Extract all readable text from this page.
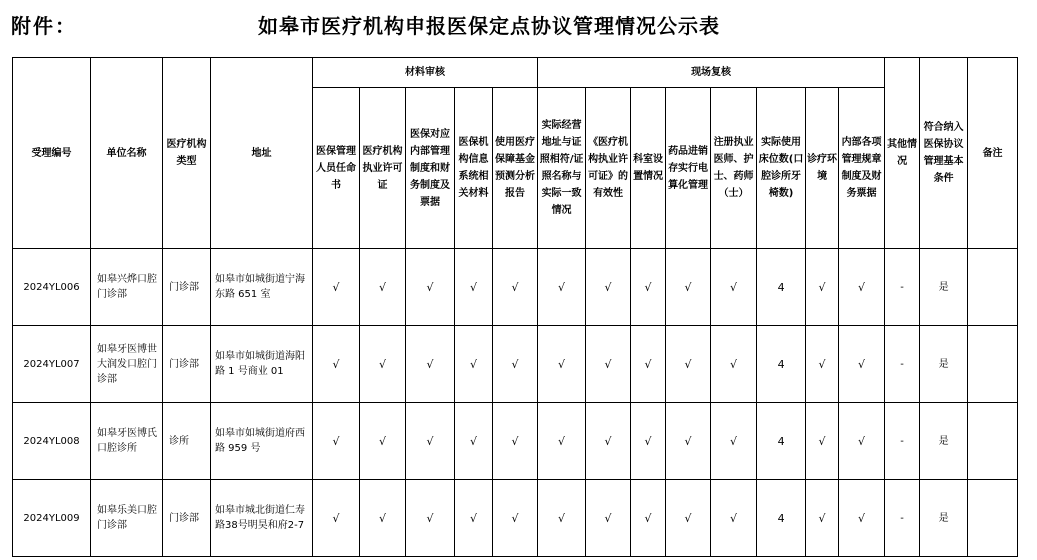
附件：	如皋市医疗机构申报医保定点协议管理情况公示表
受理编号	单位名称	医疗机构类型	地址	材料审核					现场复核								其他情况	符合纳入医保协议管理基本条件	备注
				医保管理人员任命书	医疗机构执业许可证	医保对应内部管理制度和财务制度及票据	医保机构信息系统相关材料	使用医疗保障基金预测分析报告	实际经营地址与证照相符/证照名称与实际一致情况	《医疗机构执业许可证》的有效性	科室设置情况	药品进销存实行电算化管理	注册执业医师、护士、药师（士）	实际使用床位数(口腔诊所牙椅数)	诊疗环境	内部各项管理规章制度及财务票据			
2024YL006	如皋兴烨口腔门诊部	门诊部	如皋市如城街道宁海东路 651 室	√	√	√	√	√	√	√	√	√	√	4	√	√	-	是	
2024YL007	如皋牙医博世大润发口腔门诊部	门诊部	如皋市如城街道海阳路 1 号商业 01	√	√	√	√	√	√	√	√	√	√	4	√	√	-	是	
2024YL008	如皋牙医博氏口腔诊所	诊所	如皋市如城街道府西路 959 号	√	√	√	√	√	√	√	√	√	√	4	√	√	-	是	
2024YL009	如皋乐美口腔门诊部	门诊部	如皋市城北街道仁寿路38号明昊和府2-7	√	√	√	√	√	√	√	√	√	√	4	√	√	-	是	
